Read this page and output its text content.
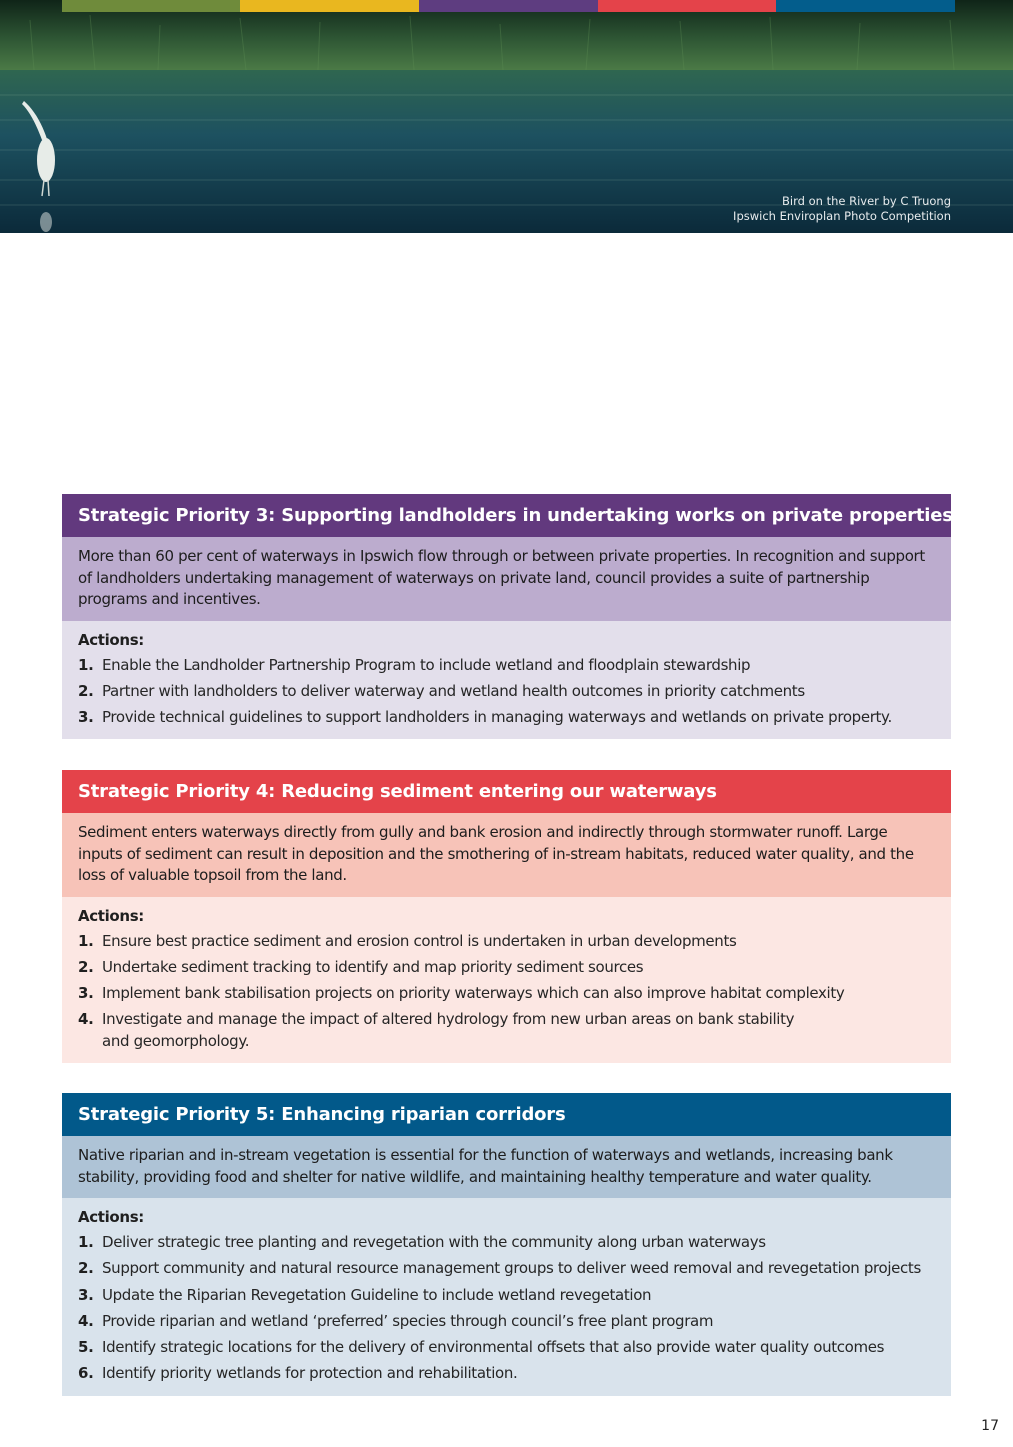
Bird on the River by C Truong
Ipswich Enviroplan Photo Competition
Strategic Priority 3: Supporting landholders in undertaking works on private properties
More than 60 per cent of waterways in Ipswich flow through or between private properties. In recognition and support of landholders undertaking management of waterways on private land, council provides a suite of partnership programs and incentives.
Actions:
1. Enable the Landholder Partnership Program to include wetland and floodplain stewardship
2. Partner with landholders to deliver waterway and wetland health outcomes in priority catchments
3. Provide technical guidelines to support landholders in managing waterways and wetlands on private property.
Strategic Priority 4: Reducing sediment entering our waterways
Sediment enters waterways directly from gully and bank erosion and indirectly through stormwater runoff. Large inputs of sediment can result in deposition and the smothering of in-stream habitats, reduced water quality, and the loss of valuable topsoil from the land.
Actions:
1. Ensure best practice sediment and erosion control is undertaken in urban developments
2. Undertake sediment tracking to identify and map priority sediment sources
3. Implement bank stabilisation projects on priority waterways which can also improve habitat complexity
4. Investigate and manage the impact of altered hydrology from new urban areas on bank stability and geomorphology.
Strategic Priority 5: Enhancing riparian corridors
Native riparian and in-stream vegetation is essential for the function of waterways and wetlands, increasing bank stability, providing food and shelter for native wildlife, and maintaining healthy temperature and water quality.
Actions:
1. Deliver strategic tree planting and revegetation with the community along urban waterways
2. Support community and natural resource management groups to deliver weed removal and revegetation projects
3. Update the Riparian Revegetation Guideline to include wetland revegetation
4. Provide riparian and wetland ‘preferred’ species through council’s free plant program
5. Identify strategic locations for the delivery of environmental offsets that also provide water quality outcomes
6. Identify priority wetlands for protection and rehabilitation.
17
